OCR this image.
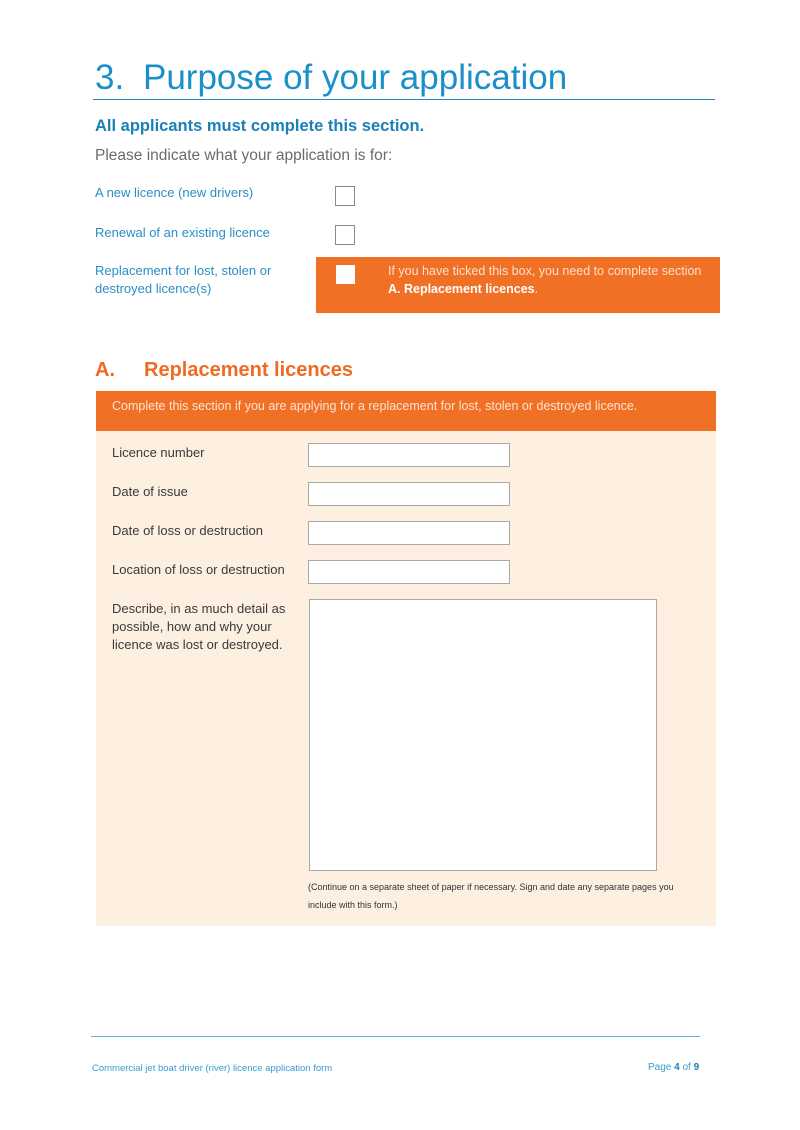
3. Purpose of your application
All applicants must complete this section.
Please indicate what your application is for:
A new licence (new drivers)
Renewal of an existing licence
Replacement for lost, stolen or destroyed licence(s)
If you have ticked this box, you need to complete section A. Replacement licences.
A. Replacement licences
Complete this section if you are applying for a replacement for lost, stolen or destroyed licence.
Licence number
Date of issue
Date of loss or destruction
Location of loss or destruction
Describe, in as much detail as possible, how and why your licence was lost or destroyed.
(Continue on a separate sheet of paper if necessary. Sign and date any separate pages you include with this form.)
Commercial jet boat driver (river) licence application form	Page 4 of 9
